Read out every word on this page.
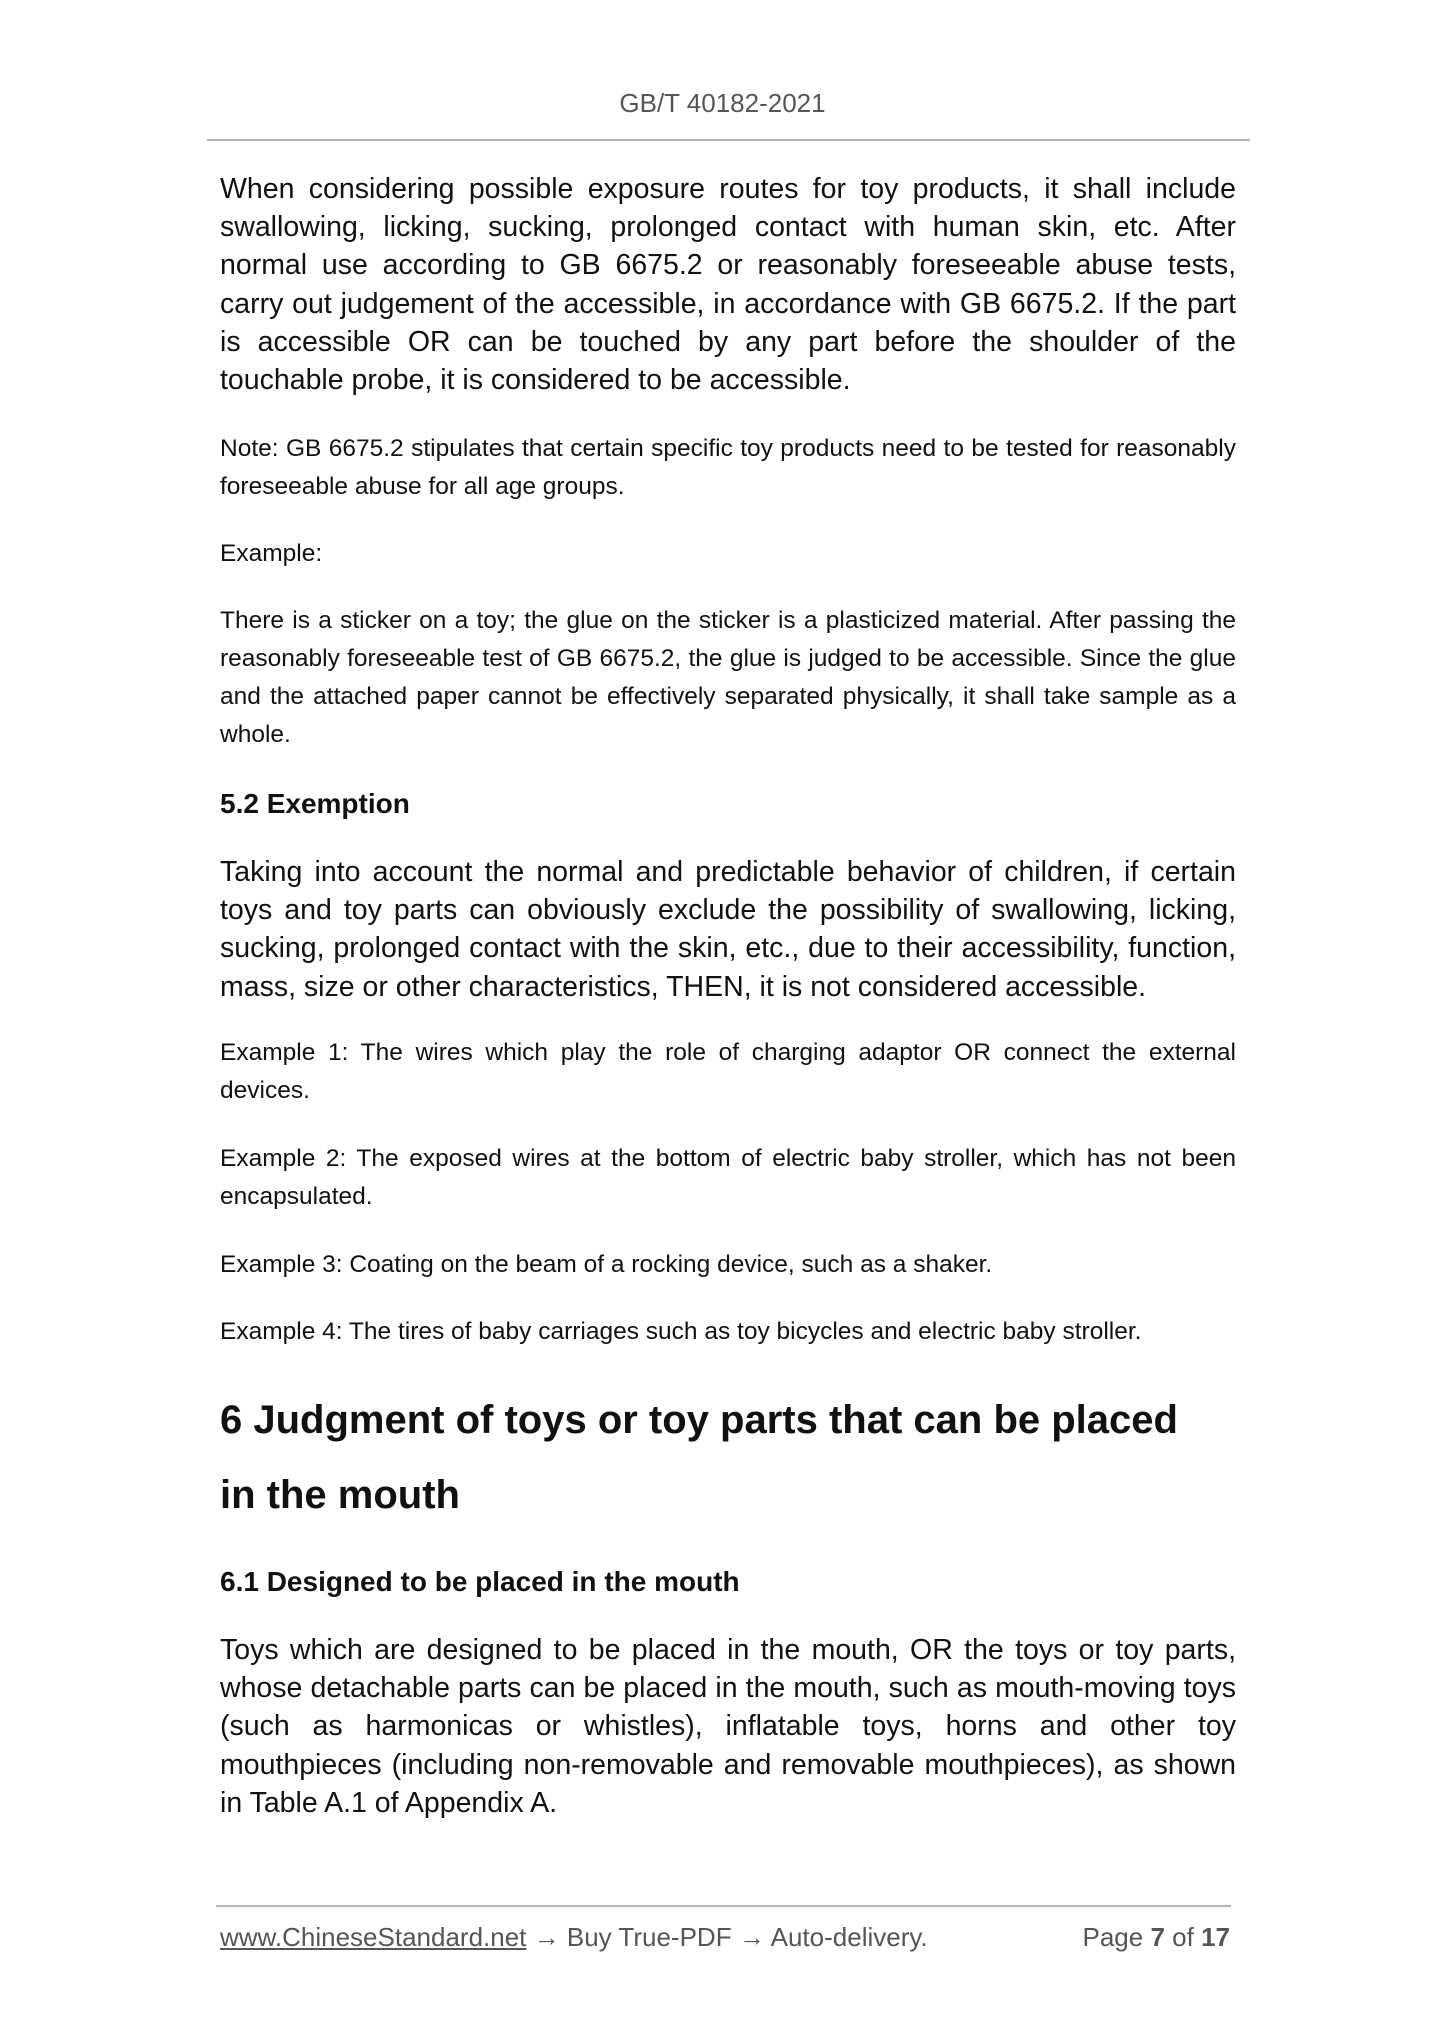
GB/T 40182-2021
When considering possible exposure routes for toy products, it shall include swallowing, licking, sucking, prolonged contact with human skin, etc. After normal use according to GB 6675.2 or reasonably foreseeable abuse tests, carry out judgement of the accessible, in accordance with GB 6675.2. If the part is accessible OR can be touched by any part before the shoulder of the touchable probe, it is considered to be accessible.
Note: GB 6675.2 stipulates that certain specific toy products need to be tested for reasonably foreseeable abuse for all age groups.
Example:
There is a sticker on a toy; the glue on the sticker is a plasticized material. After passing the reasonably foreseeable test of GB 6675.2, the glue is judged to be accessible. Since the glue and the attached paper cannot be effectively separated physically, it shall take sample as a whole.
5.2 Exemption
Taking into account the normal and predictable behavior of children, if certain toys and toy parts can obviously exclude the possibility of swallowing, licking, sucking, prolonged contact with the skin, etc., due to their accessibility, function, mass, size or other characteristics, THEN, it is not considered accessible.
Example 1: The wires which play the role of charging adaptor OR connect the external devices.
Example 2: The exposed wires at the bottom of electric baby stroller, which has not been encapsulated.
Example 3: Coating on the beam of a rocking device, such as a shaker.
Example 4: The tires of baby carriages such as toy bicycles and electric baby stroller.
6 Judgment of toys or toy parts that can be placed in the mouth
6.1 Designed to be placed in the mouth
Toys which are designed to be placed in the mouth, OR the toys or toy parts, whose detachable parts can be placed in the mouth, such as mouth-moving toys (such as harmonicas or whistles), inflatable toys, horns and other toy mouthpieces (including non-removable and removable mouthpieces), as shown in Table A.1 of Appendix A.
www.ChineseStandard.net → Buy True-PDF → Auto-delivery.	Page 7 of 17
